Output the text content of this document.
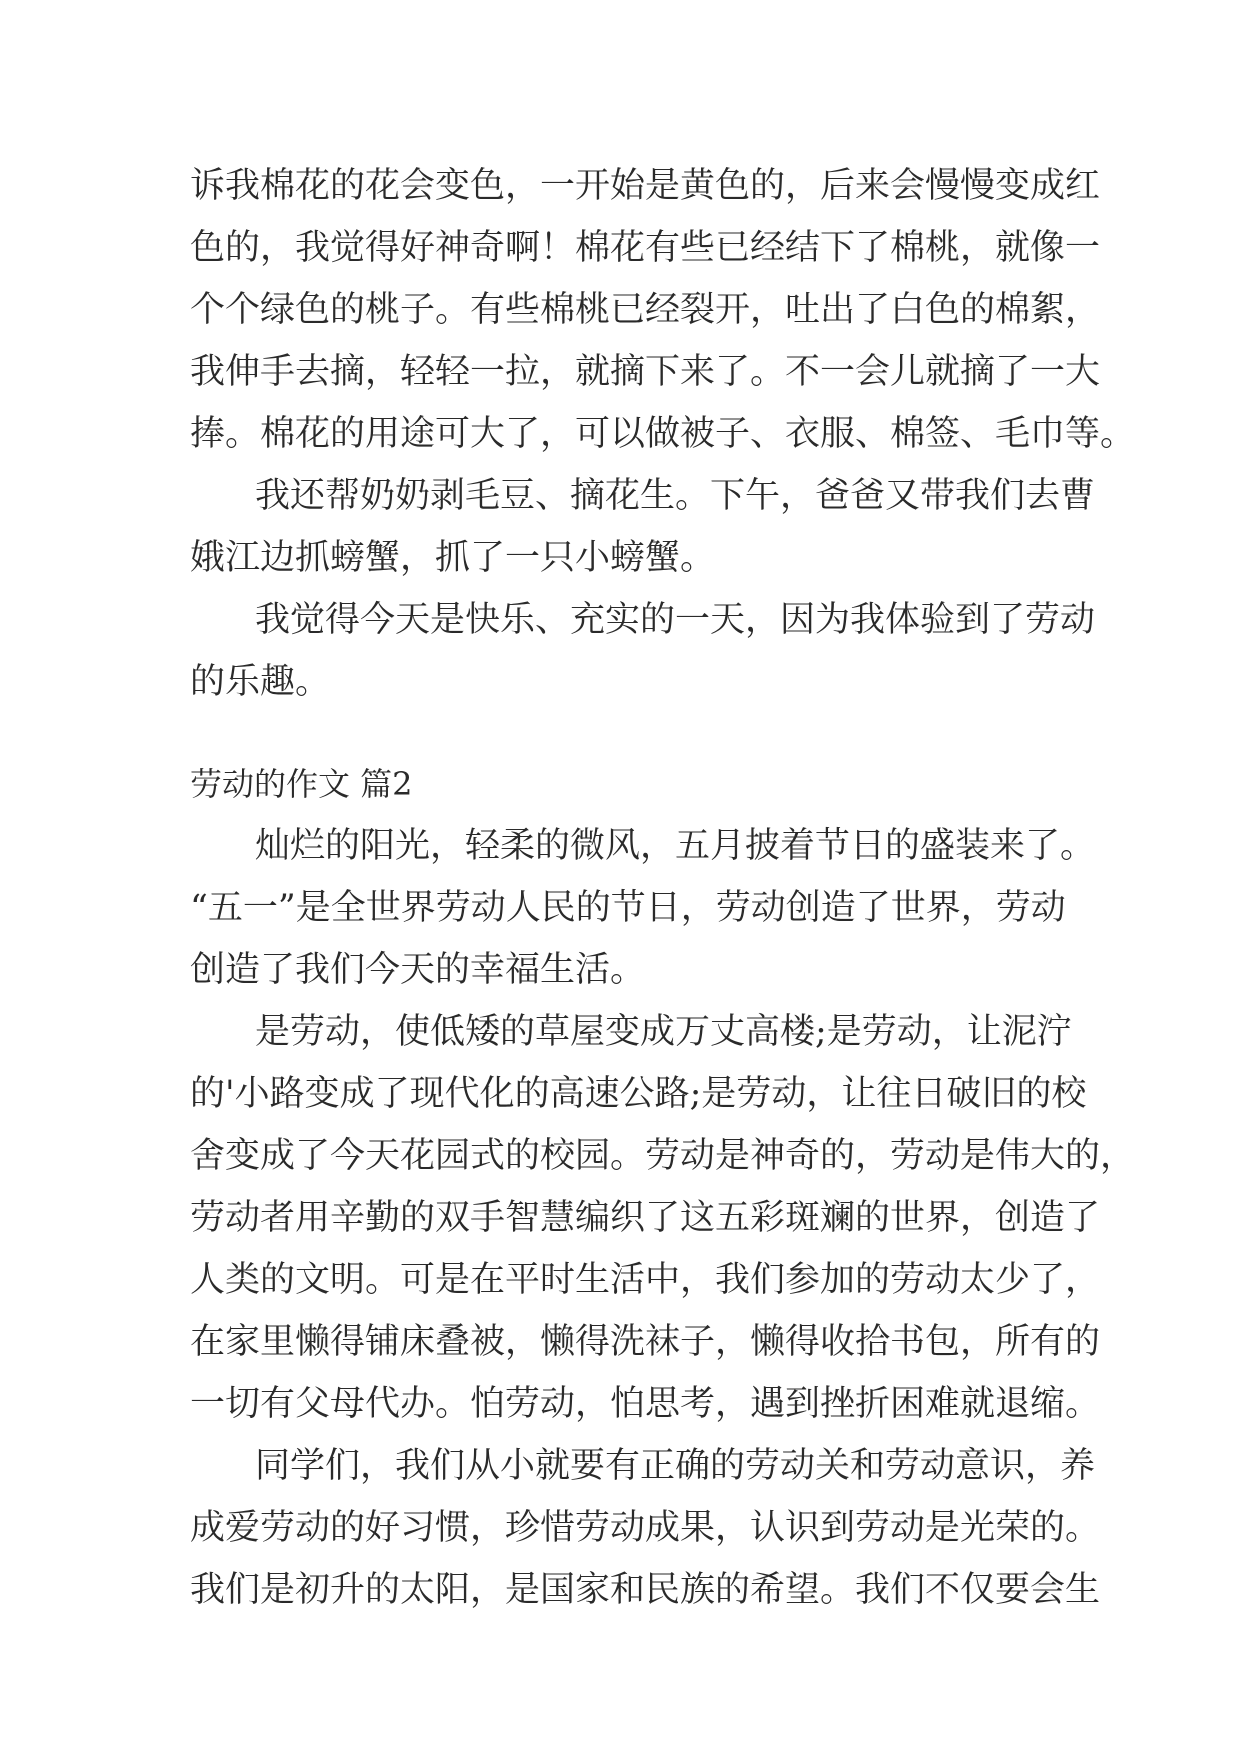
诉我棉花的花会变色，一开始是黄色的，后来会慢慢变成红
色的，我觉得好神奇啊！棉花有些已经结下了棉桃，就像一
个个绿色的桃子。有些棉桃已经裂开，吐出了白色的棉絮，
我伸手去摘，轻轻一拉，就摘下来了。不一会儿就摘了一大
捧。棉花的用途可大了，可以做被子、衣服、棉签、毛巾等。
我还帮奶奶剥毛豆、摘花生。下午，爸爸又带我们去曹
娥江边抓螃蟹，抓了一只小螃蟹。
我觉得今天是快乐、充实的一天，因为我体验到了劳动
的乐趣。
劳动的作文 篇2
灿烂的阳光，轻柔的微风，五月披着节日的盛装来了。
“五一”是全世界劳动人民的节日，劳动创造了世界，劳动
创造了我们今天的幸福生活。
是劳动，使低矮的草屋变成万丈高楼;是劳动，让泥泞
的'小路变成了现代化的高速公路;是劳动，让往日破旧的校
舍变成了今天花园式的校园。劳动是神奇的，劳动是伟大的，
劳动者用辛勤的双手智慧编织了这五彩斑斓的世界，创造了
人类的文明。可是在平时生活中，我们参加的劳动太少了，
在家里懒得铺床叠被，懒得洗袜子，懒得收拾书包，所有的
一切有父母代办。怕劳动，怕思考，遇到挫折困难就退缩。
同学们，我们从小就要有正确的劳动关和劳动意识，养
成爱劳动的好习惯，珍惜劳动成果，认识到劳动是光荣的。
我们是初升的太阳，是国家和民族的希望。我们不仅要会生
